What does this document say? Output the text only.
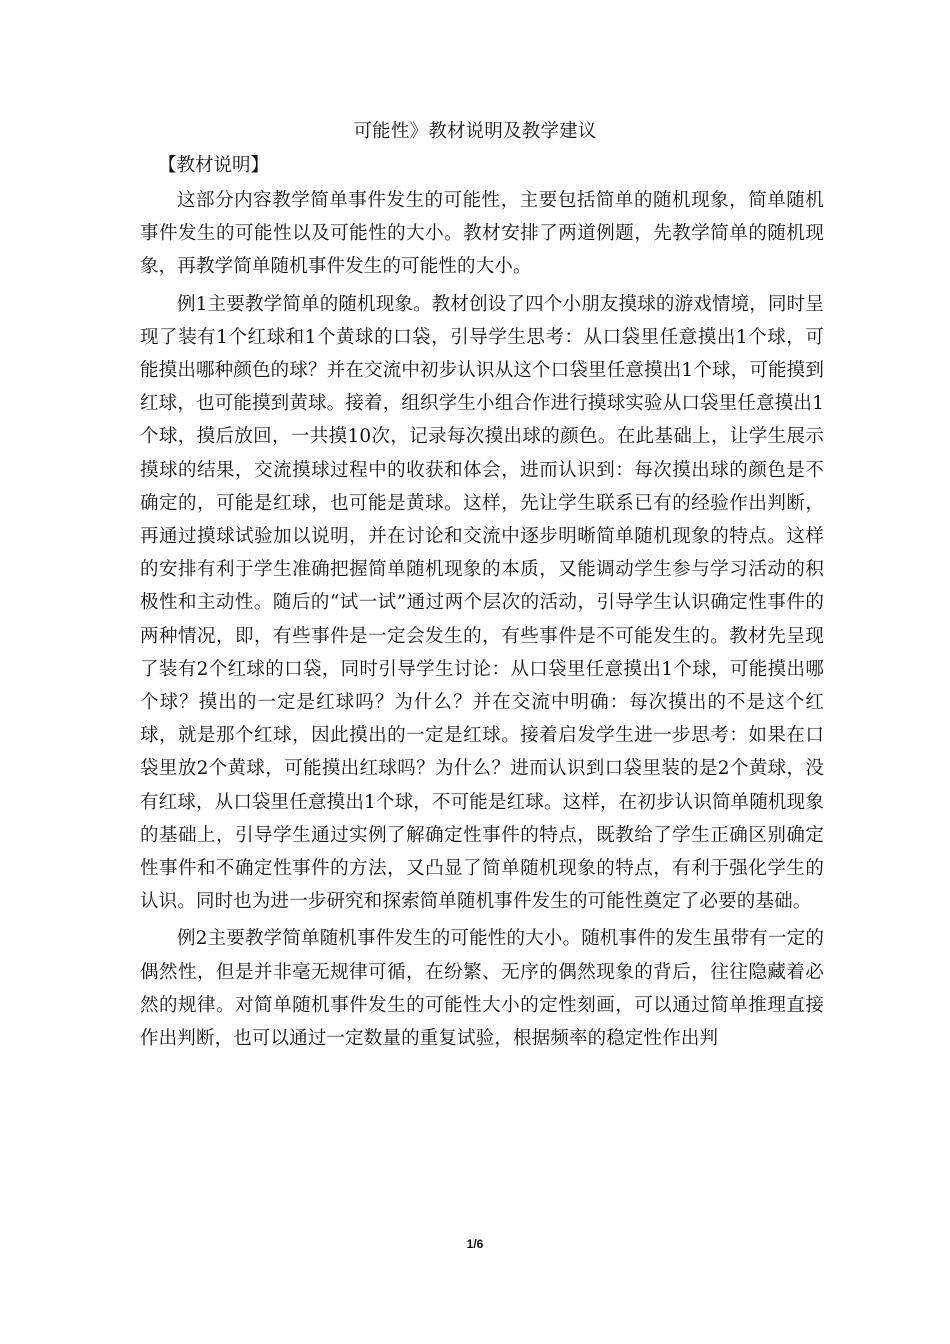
可能性》教材说明及教学建议
【教材说明】

这部分内容教学简单事件发生的可能性，主要包括简单的随机现象，简单随机事件发生的可能性以及可能性的大小。教材安排了两道例题，先教学简单的随机现象，再教学简单随机事件发生的可能性的大小。

例1主要教学简单的随机现象。教材创设了四个小朋友摸球的游戏情境，同时呈现了装有1个红球和1个黄球的口袋，引导学生思考：从口袋里任意摸出1个球，可能摸出哪种颜色的球？并在交流中初步认识从这个口袋里任意摸出1个球，可能摸到红球，也可能摸到黄球。接着，组织学生小组合作进行摸球实验从口袋里任意摸出1个球，摸后放回，一共摸10次，记录每次摸出球的颜色。在此基础上，让学生展示摸球的结果，交流摸球过程中的收获和体会，进而认识到：每次摸出球的颜色是不确定的，可能是红球，也可能是黄球。这样，先让学生联系已有的经验作出判断，再通过摸球试验加以说明，并在讨论和交流中逐步明晰简单随机现象的特点。这样的安排有利于学生准确把握简单随机现象的本质，又能调动学生参与学习活动的积极性和主动性。随后的“试一试”通过两个层次的活动，引导学生认识确定性事件的两种情况，即，有些事件是一定会发生的，有些事件是不可能发生的。教材先呈现了装有2个红球的口袋，同时引导学生讨论：从口袋里任意摸出1个球，可能摸出哪个球？摸出的一定是红球吗？为什么？并在交流中明确：每次摸出的不是这个红球，就是那个红球，因此摸出的一定是红球。接着启发学生进一步思考：如果在口袋里放2个黄球，可能摸出红球吗？为什么？进而认识到口袋里装的是2个黄球，没有红球，从口袋里任意摸出1个球，不可能是红球。这样，在初步认识简单随机现象的基础上，引导学生通过实例了解确定性事件的特点，既教给了学生正确区别确定性事件和不确定性事件的方法，又凸显了简单随机现象的特点，有利于强化学生的认识。同时也为进一步研究和探索简单随机事件发生的可能性奠定了必要的基础。

例2主要教学简单随机事件发生的可能性的大小。随机事件的发生虽带有一定的偶然性，但是并非毫无规律可循，在纷繁、无序的偶然现象的背后，往往隐藏着必然的规律。对简单随机事件发生的可能性大小的定性刻画，可以通过简单推理直接作出判断，也可以通过一定数量的重复试验，根据频率的稳定性作出判

1/6
